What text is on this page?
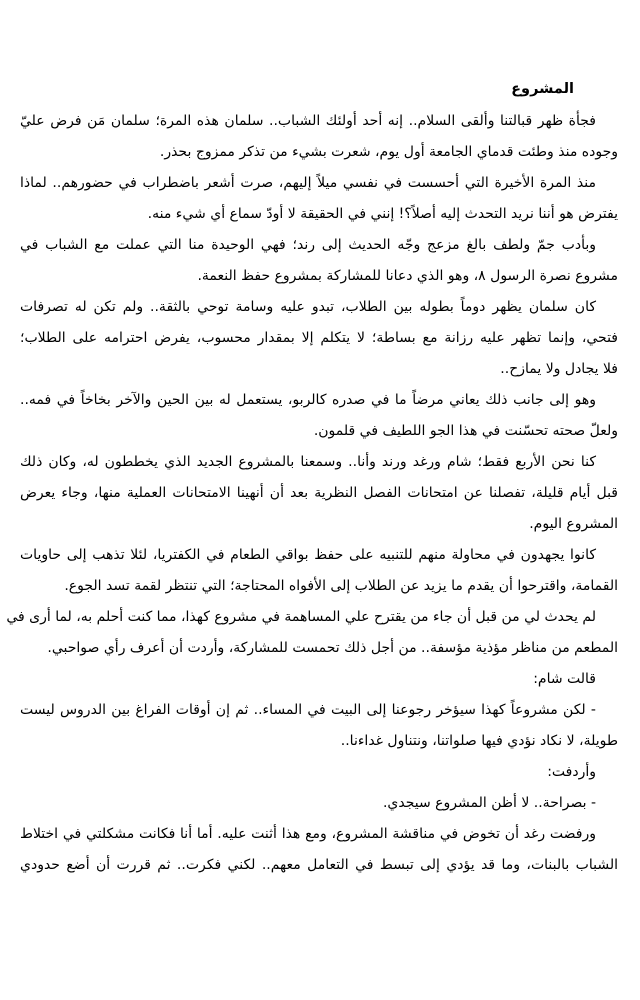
المشروع
فجأة ظهر قبالتنا وألقى السلام.. إنه أحد أولئك الشباب.. سلمان هذه المرة؛ سلمان مَن فرض عليّ
وجوده منذ وطئت قدماي الجامعة أول يوم، شعرت بشيء من تذكر ممزوج بحذر.
منذ المرة الأخيرة التي أحسست في نفسي ميلاً إليهم، صرت أشعر باضطراب في حضورهم.. لماذا
يفترض هو أننا نريد التحدث إليه أصلاً؟! إنني في الحقيقة لا أودّ سماع أي شيء منه.
وبأدب جمّ ولطف بالغ مزعج وجّه الحديث إلى رند؛ فهي الوحيدة منا التي عملت مع الشباب في
مشروع نصرة الرسول ٨، وهو الذي دعانا للمشاركة بمشروع حفظ النعمة.
كان سلمان يظهر دوماً بطوله بين الطلاب، تبدو عليه وسامة توحي بالثقة.. ولم تكن له تصرفات
فتحي، وإنما تظهر عليه رزانة مع بساطة؛ لا يتكلم إلا بمقدار محسوب، يفرض احترامه على الطلاب؛
فلا يجادل ولا يمازح..
وهو إلى جانب ذلك يعاني مرضاً ما في صدره كالربو، يستعمل له بين الحين والآخر بخاخاً في فمه..
ولعلّ صحته تحسّنت في هذا الجو اللطيف في قلمون.
كنا نحن الأربع فقط؛ شام ورغد ورند وأنا.. وسمعنا بالمشروع الجديد الذي يخططون له، وكان ذلك
قبل أيام قليلة، تفصلنا عن امتحانات الفصل النظرية بعد أن أنهينا الامتحانات العملية منها، وجاء يعرض
المشروع اليوم.
كانوا يجهدون في محاولة منهم للتنبيه على حفظ بواقي الطعام في الكفتريا، لئلا تذهب إلى حاويات
القمامة، واقترحوا أن يقدم ما يزيد عن الطلاب إلى الأفواه المحتاجة؛ التي تنتظر لقمة تسد الجوع.
لم يحدث لي من قبل أن جاء من يقترح علي المساهمة في مشروع كهذا، مما كنت أحلم به، لما أرى في
المطعم من مناظر مؤذية مؤسفة.. من أجل ذلك تحمست للمشاركة، وأردت أن أعرف رأي صواحبي.
قالت شام:
- لكن مشروعاً كهذا سيؤخر رجوعنا إلى البيت في المساء.. ثم إن أوقات الفراغ بين الدروس ليست
طويلة، لا نكاد نؤدي فيها صلواتنا، ونتناول غداءنا..
وأردفت:
- بصراحة.. لا أظن المشروع سيجدي.
ورفضت رغد أن تخوض في مناقشة المشروع، ومع هذا أثنت عليه. أما أنا فكانت مشكلتي في اختلاط
الشباب بالبنات، وما قد يؤدي إلى تبسط في التعامل معهم.. لكني فكرت.. ثم قررت أن أضع حدودي
